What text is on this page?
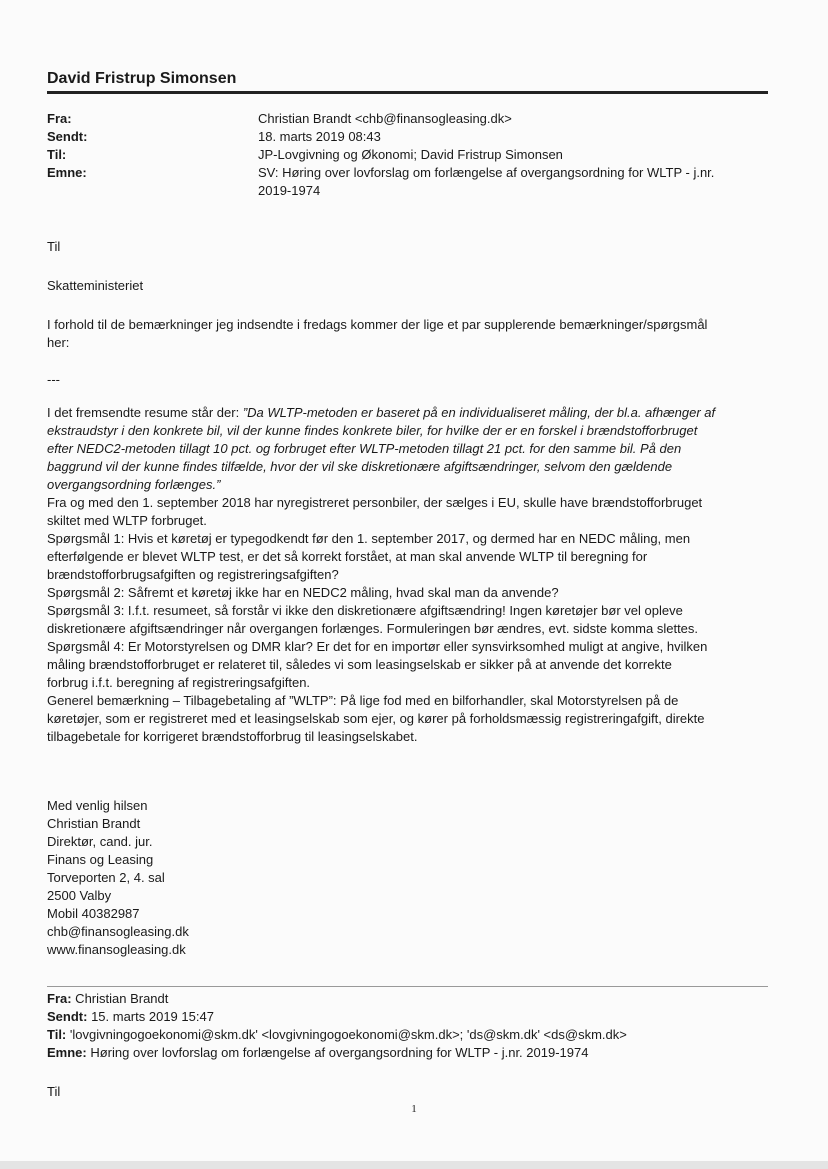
David Fristrup Simonsen
Fra:	Christian Brandt <chb@finansogleasing.dk>
Sendt:	18. marts 2019 08:43
Til:	JP-Lovgivning og Økonomi; David Fristrup Simonsen
Emne:	SV: Høring over lovforslag om forlængelse af overgangsordning for WLTP - j.nr.
2019-1974
Til
Skatteministeriet

I forhold til de bemærkninger jeg indsendte i fredags kommer der lige et par supplerende bemærkninger/spørgsmål

her:

---

I det fremsendte resume står der: ”Da WLTP-metoden er baseret på en individualiseret måling, der bl.a. afhænger af

ekstraudstyr i den konkrete bil, vil der kunne findes konkrete biler, for hvilke der er en forskel i brændstofforbruget

efter NEDC2-metoden tillagt 10 pct. og forbruget efter WLTP-metoden tillagt 21 pct. for den samme bil. På den

baggrund vil der kunne findes tilfælde, hvor der vil ske diskretionære afgiftsændringer, selvom den gældende

overgangsordning forlænges.”

Fra og med den 1. september 2018 har nyregistreret personbiler, der sælges i EU, skulle have brændstofforbruget

skiltet med WLTP forbruget.

Spørgsmål 1: Hvis et køretøj er typegodkendt før den 1. september 2017, og dermed har en NEDC måling, men

efterfølgende er blevet WLTP test, er det så korrekt forstået, at man skal anvende WLTP til beregning for

brændstofforbrugsafgiften og registreringsafgiften?

Spørgsmål 2: Såfremt et køretøj ikke har en NEDC2 måling, hvad skal man da anvende?

Spørgsmål 3: I.f.t. resumeet, så forstår vi ikke den diskretionære afgiftsændring! Ingen køretøjer bør vel opleve

diskretionære afgiftsændringer når overgangen forlænges. Formuleringen bør ændres, evt. sidste komma slettes.

Spørgsmål 4: Er Motorstyrelsen og DMR klar? Er det for en importør eller synsvirksomhed muligt at angive, hvilken

måling brændstofforbruget er relateret til, således vi som leasingselskab er sikker på at anvende det korrekte

forbrug i.f.t. beregning af registreringsafgiften.

Generel bemærkning – Tilbagebetaling af ”WLTP”: På lige fod med en bilforhandler, skal Motorstyrelsen på de

køretøjer, som er registreret med et leasingselskab som ejer, og kører på forholdsmæssig registreringafgift, direkte

tilbagebetale for korrigeret brændstofforbrug til leasingselskabet.

Med venlig hilsen

Christian Brandt

Direktør, cand. jur.

Finans og Leasing

Torveporten 2, 4. sal

2500 Valby

Mobil 40382987

chb@finansogleasing.dk

www.finansogleasing.dk

Fra: Christian Brandt
Sendt: 15. marts 2019 15:47
Til: 'lovgivningogoekonomi@skm.dk' <lovgivningogoekonomi@skm.dk>; 'ds@skm.dk' <ds@skm.dk>
Emne: Høring over lovforslag om forlængelse af overgangsordning for WLTP - j.nr. 2019-1974
Til
1
